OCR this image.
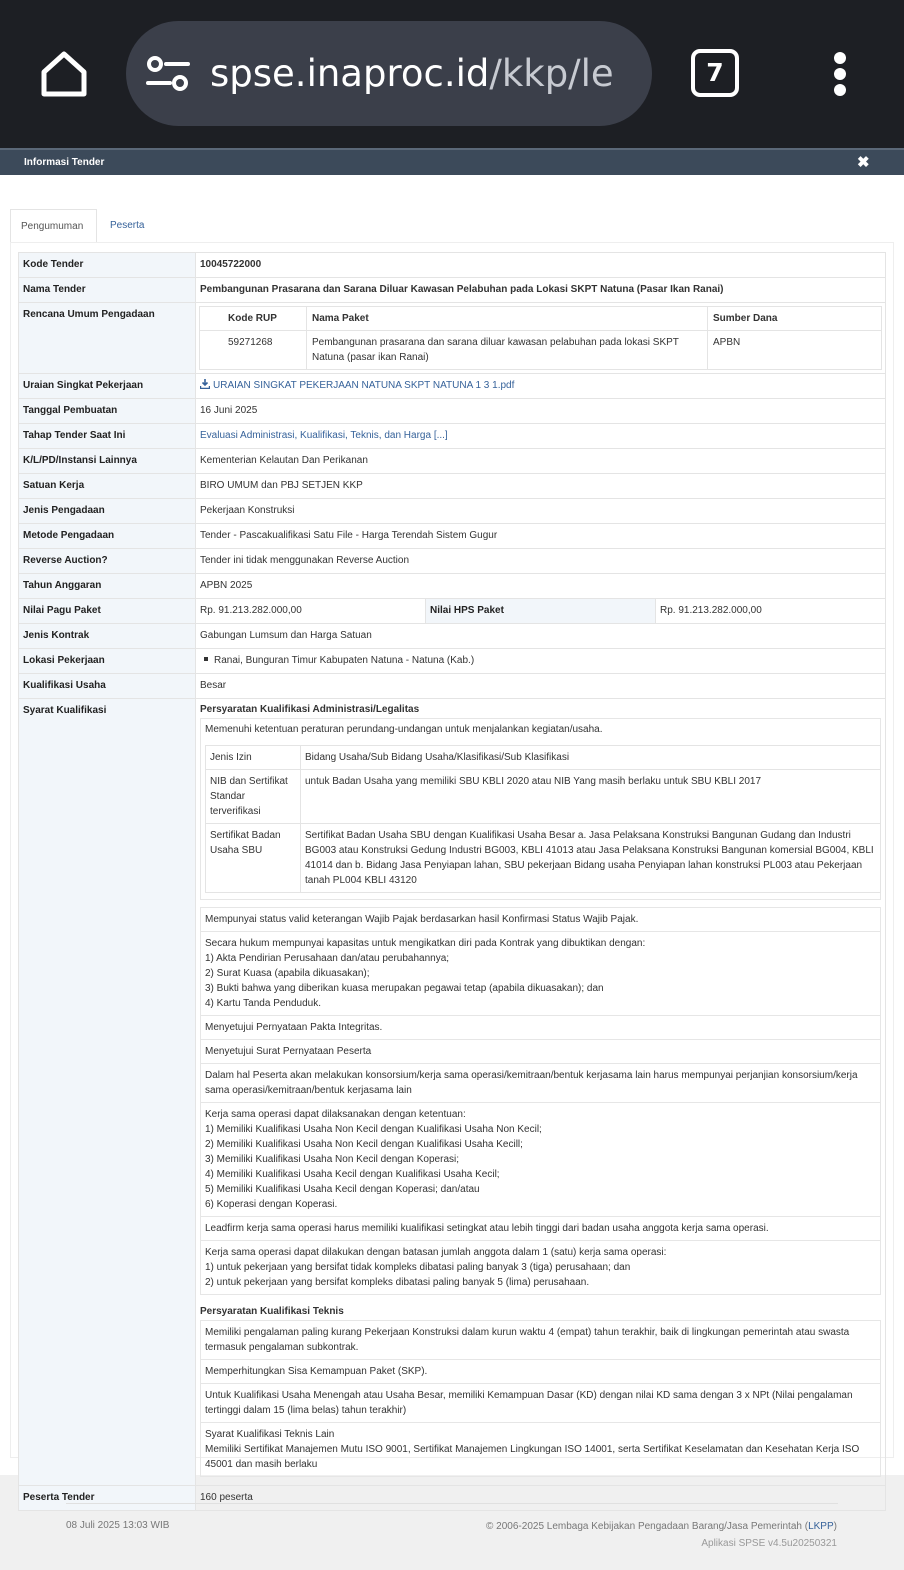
spse.inaproc.id/kkp/le	7
Informasi Tender	✖
Pengumuman	Peserta
Kode Tender	10045722000
Nama Tender	Pembangunan Prasarana dan Sarana Diluar Kawasan Pelabuhan pada Lokasi SKPT Natuna (Pasar Ikan Ranai)
Rencana Umum Pengadaan		Kode RUP	Nama Paket	Sumber Dana
59271268	Pembangunan prasarana dan sarana diluar kawasan pelabuhan pada lokasi SKPT Natuna (pasar ikan Ranai)	APBN

Uraian Singkat Pekerjaan	URAIAN SINGKAT PEKERJAAN NATUNA SKPT NATUNA 1 3 1.pdf
Tanggal Pembuatan	16 Juni 2025
Tahap Tender Saat Ini	Evaluasi Administrasi, Kualifikasi, Teknis, dan Harga [...]
K/L/PD/Instansi Lainnya	Kementerian Kelautan Dan Perikanan
Satuan Kerja	BIRO UMUM dan PBJ SETJEN KKP
Jenis Pengadaan	Pekerjaan Konstruksi
Metode Pengadaan	Tender - Pascakualifikasi Satu File - Harga Terendah Sistem Gugur
Reverse Auction?	Tender ini tidak menggunakan Reverse Auction
Tahun Anggaran	APBN 2025
Nilai Pagu Paket	Rp. 91.213.282.000,00	Nilai HPS Paket	Rp. 91.213.282.000,00
Jenis Kontrak	Gabungan Lumsum dan Harga Satuan
Lokasi Pekerjaan	Ranai, Bunguran Timur Kabupaten Natuna - Natuna (Kab.)
Kualifikasi Usaha	Besar
Syarat Kualifikasi	Persyaratan Kualifikasi Administrasi/Legalitas
Memenuhi ketentuan peraturan perundang-undangan untuk menjalankan kegiatan/usaha.
Jenis Izin	Bidang Usaha/Sub Bidang Usaha/Klasifikasi/Sub Klasifikasi
NIB dan Sertifikat Standar terverifikasi	untuk Badan Usaha yang memiliki SBU KBLI 2020 atau NIB Yang masih berlaku untuk SBU KBLI 2017
Sertifikat Badan Usaha SBU	Sertifikat Badan Usaha SBU dengan Kualifikasi Usaha Besar a. Jasa Pelaksana Konstruksi Bangunan Gudang dan Industri BG003 atau Konstruksi Gedung Industri BG003, KBLI 41013 atau Jasa Pelaksana Konstruksi Bangunan komersial BG004, KBLI 41014 dan b. Bidang Jasa Penyiapan lahan, SBU pekerjaan Bidang usaha Penyiapan lahan konstruksi PL003 atau Pekerjaan tanah PL004 KBLI 43120
Mempunyai status valid keterangan Wajib Pajak berdasarkan hasil Konfirmasi Status Wajib Pajak.
Secara hukum mempunyai kapasitas untuk mengikatkan diri pada Kontrak yang dibuktikan dengan:
1) Akta Pendirian Perusahaan dan/atau perubahannya;
2) Surat Kuasa (apabila dikuasakan);
3) Bukti bahwa yang diberikan kuasa merupakan pegawai tetap (apabila dikuasakan); dan
4) Kartu Tanda Penduduk.
Menyetujui Pernyataan Pakta Integritas.
Menyetujui Surat Pernyataan Peserta
Dalam hal Peserta akan melakukan konsorsium/kerja sama operasi/kemitraan/bentuk kerjasama lain harus mempunyai perjanjian konsorsium/kerja sama operasi/kemitraan/bentuk kerjasama lain
Kerja sama operasi dapat dilaksanakan dengan ketentuan:
1) Memiliki Kualifikasi Usaha Non Kecil dengan Kualifikasi Usaha Non Kecil;
2) Memiliki Kualifikasi Usaha Non Kecil dengan Kualifikasi Usaha Kecill;
3) Memiliki Kualifikasi Usaha Non Kecil dengan Koperasi;
4) Memiliki Kualifikasi Usaha Kecil dengan Kualifikasi Usaha Kecil;
5) Memiliki Kualifikasi Usaha Kecil dengan Koperasi; dan/atau
6) Koperasi dengan Koperasi.
Leadfirm kerja sama operasi harus memiliki kualifikasi setingkat atau lebih tinggi dari badan usaha anggota kerja sama operasi.
Kerja sama operasi dapat dilakukan dengan batasan jumlah anggota dalam 1 (satu) kerja sama operasi:
1) untuk pekerjaan yang bersifat tidak kompleks dibatasi paling banyak 3 (tiga) perusahaan; dan
2) untuk pekerjaan yang bersifat kompleks dibatasi paling banyak 5 (lima) perusahaan.
Persyaratan Kualifikasi Teknis
Memiliki pengalaman paling kurang Pekerjaan Konstruksi dalam kurun waktu 4 (empat) tahun terakhir, baik di lingkungan pemerintah atau swasta termasuk pengalaman subkontrak.
Memperhitungkan Sisa Kemampuan Paket (SKP).
Untuk Kualifikasi Usaha Menengah atau Usaha Besar, memiliki Kemampuan Dasar (KD) dengan nilai KD sama dengan 3 x NPt (Nilai pengalaman tertinggi dalam 15 (lima belas) tahun terakhir)
Syarat Kualifikasi Teknis Lain
Memiliki Sertifikat Manajemen Mutu ISO 9001, Sertifikat Manajemen Lingkungan ISO 14001, serta Sertifikat Keselamatan dan Kesehatan Kerja ISO 45001 dan masih berlaku

Peserta Tender	160 peserta
08 Juli 2025 13:03 WIB	© 2006-2025 Lembaga Kebijakan Pengadaan Barang/Jasa Pemerintah (LKPP)
Aplikasi SPSE v4.5u20250321
